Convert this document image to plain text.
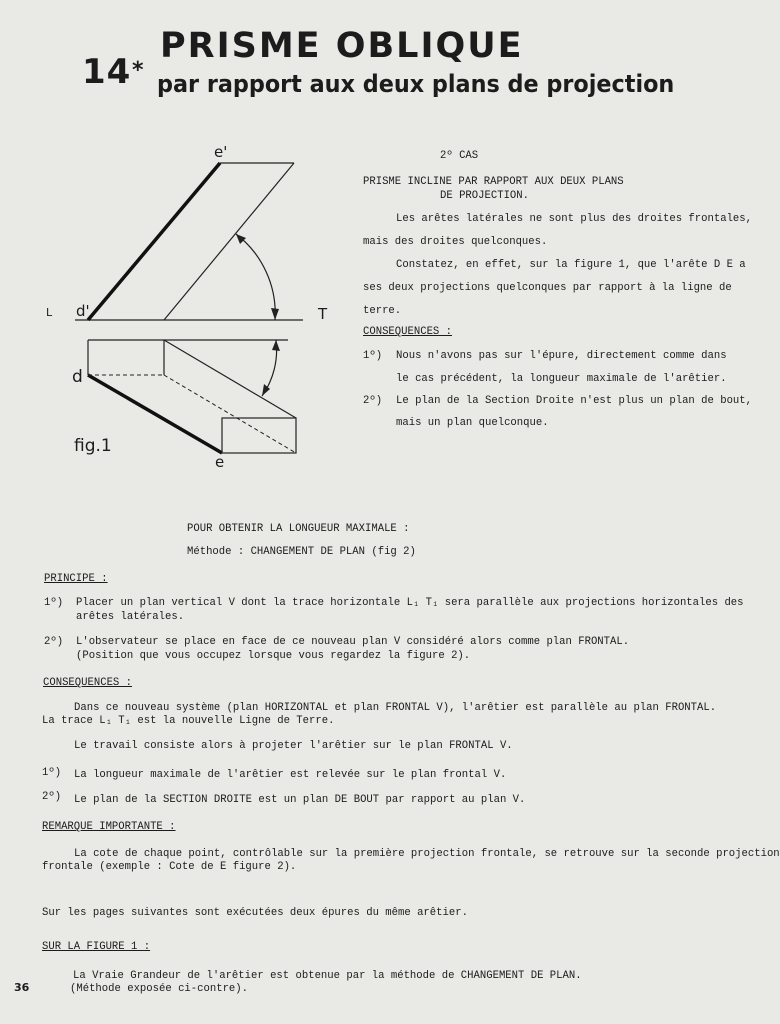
14 *
PRISME OBLIQUE
par rapport aux deux plans de projection
e'
d'
L	T
d
e
fig.1
2º CAS
PRISME INCLINE PAR RAPPORT AUX DEUX PLANS
DE PROJECTION.
Les arêtes latérales ne sont plus des droites frontales,
mais des droites quelconques.
Constatez, en effet, sur la figure 1, que l'arête D E a
ses deux projections quelconques par rapport à la ligne de
terre.
CONSEQUENCES :
1º) Nous n'avons pas sur l'épure, directement comme dans
le cas précédent, la longueur maximale de l'arêtier.
2º) Le plan de la Section Droite n'est plus un plan de bout,
mais un plan quelconque.
POUR OBTENIR LA LONGUEUR MAXIMALE :
Méthode : CHANGEMENT DE PLAN (fig 2)
PRINCIPE :
1º) Placer un plan vertical V dont la trace horizontale L₁ T₁ sera parallèle aux projections horizontales des
arêtes latérales.
2º) L'observateur se place en face de ce nouveau plan V considéré alors comme plan FRONTAL.
(Position que vous occupez lorsque vous regardez la figure 2).
CONSEQUENCES :
Dans ce nouveau système (plan HORIZONTAL et plan FRONTAL V), l'arêtier est parallèle au plan FRONTAL.
La trace L₁ T₁ est la nouvelle Ligne de Terre.
Le travail consiste alors à projeter l'arêtier sur le plan FRONTAL V.
1º) La longueur maximale de l'arêtier est relevée sur le plan frontal V.
2º) Le plan de la SECTION DROITE est un plan DE BOUT par rapport au plan V.
REMARQUE IMPORTANTE :
La cote de chaque point, contrôlable sur la première projection frontale, se retrouve sur la seconde projection
frontale (exemple : Cote de E figure 2).
Sur les pages suivantes sont exécutées deux épures du même arêtier.
SUR LA FIGURE 1 :
La Vraie Grandeur de l'arêtier est obtenue par la méthode de CHANGEMENT DE PLAN.
(Méthode exposée ci-contre).
36
